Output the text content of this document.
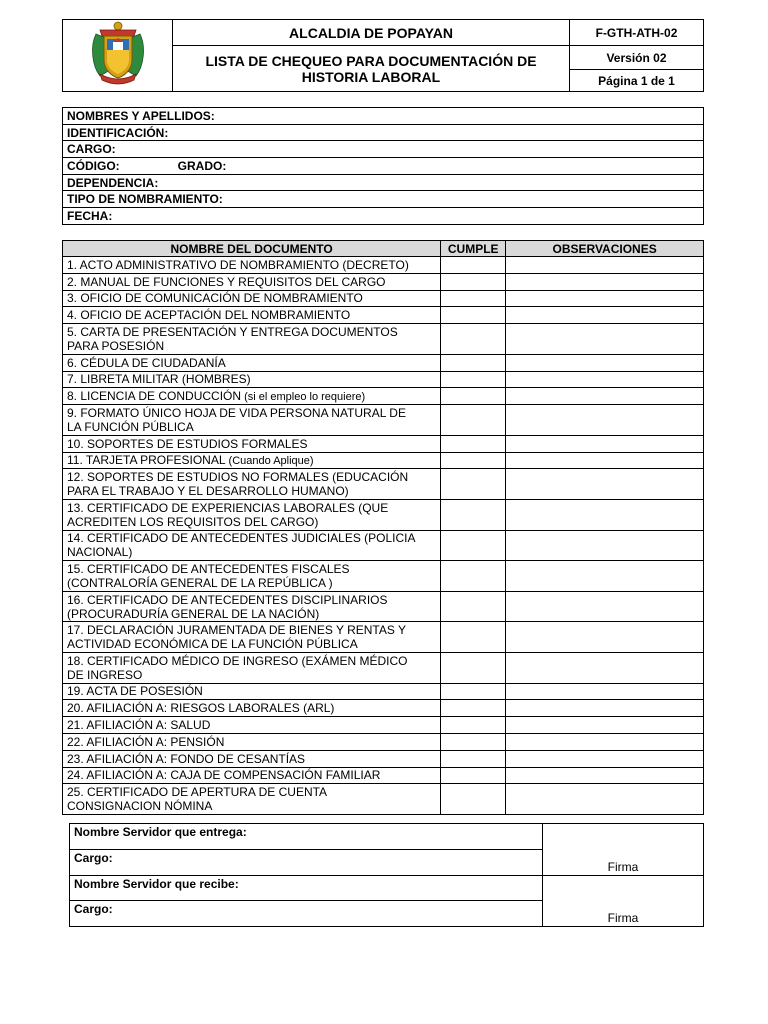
	ALCALDIA DE POPAYAN	F-GTH-ATH-02

	LISTA DE CHEQUEO PARA DOCUMENTACIÓN DE
HISTORIA LABORAL	Versión 02
		Página 1 de 1
NOMBRES Y APELLIDOS:
IDENTIFICACIÓN:
CARGO:
CÓDIGO:	GRADO:
DEPENDENCIA:
TIPO DE NOMBRAMIENTO:
FECHA:
NOMBRE DEL DOCUMENTO	CUMPLE	OBSERVACIONES
1. ACTO ADMINISTRATIVO DE NOMBRAMIENTO (DECRETO)		
2. MANUAL DE FUNCIONES Y REQUISITOS DEL CARGO		
3. OFICIO DE COMUNICACIÓN DE NOMBRAMIENTO		
4. OFICIO DE ACEPTACIÓN DEL NOMBRAMIENTO		
5. CARTA DE PRESENTACIÓN Y ENTREGA DOCUMENTOS
PARA POSESIÓN		
6. CÉDULA DE CIUDADANÍA		
7. LIBRETA MILITAR (HOMBRES)		
8. LICENCIA DE CONDUCCIÓN (si el empleo lo requiere)		
9. FORMATO ÚNICO HOJA DE VIDA PERSONA NATURAL DE
LA FUNCIÓN PÚBLICA		
10. SOPORTES DE ESTUDIOS FORMALES		
11. TARJETA PROFESIONAL (Cuando Aplique)		
12. SOPORTES DE ESTUDIOS NO FORMALES (EDUCACIÓN
PARA EL TRABAJO Y EL DESARROLLO HUMANO)		
13. CERTIFICADO DE EXPERIENCIAS LABORALES (QUE
ACREDITEN LOS REQUISITOS DEL CARGO)		
14. CERTIFICADO DE ANTECEDENTES JUDICIALES (POLICIA
NACIONAL)		
15. CERTIFICADO DE ANTECEDENTES FISCALES
(CONTRALORÍA GENERAL DE LA REPÚBLICA )		
16. CERTIFICADO DE ANTECEDENTES DISCIPLINARIOS
(PROCURADURÍA GENERAL DE LA NACIÓN)		
17. DECLARACIÓN JURAMENTADA DE BIENES Y RENTAS Y
ACTIVIDAD ECONÓMICA DE LA FUNCIÓN PÚBLICA		
18. CERTIFICADO MÉDICO DE INGRESO (EXÁMEN MÉDICO
DE INGRESO		
19. ACTA DE POSESIÓN		
20. AFILIACIÓN A: RIESGOS LABORALES (ARL)		
21. AFILIACIÓN A: SALUD		
22. AFILIACIÓN A: PENSIÓN		
23. AFILIACIÓN A: FONDO DE CESANTÍAS		
24. AFILIACIÓN A: CAJA DE COMPENSACIÓN FAMILIAR		
25. CERTIFICADO DE APERTURA DE CUENTA
CONSIGNACION NÓMINA		
Nombre Servidor que entrega:	Firma
Cargo:	
Nombre Servidor que recibe:	Firma
Cargo:	
